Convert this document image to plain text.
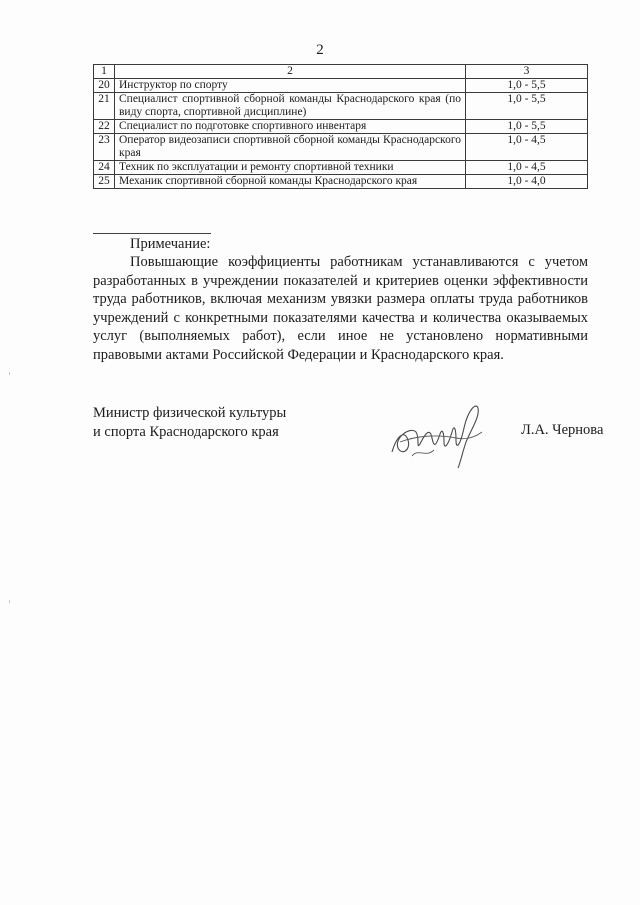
2
1	2	3
20	Инструктор по спорту	1,0 - 5,5
21	Специалист спортивной сборной команды Краснодарского края (по виду спорта, спортивной дисциплине)	1,0 - 5,5
22	Специалист по подготовке спортивного инвентаря	1,0 - 5,5
23	Оператор видеозаписи спортивной сборной команды Краснодарского края	1,0 - 4,5
24	Техник по эксплуатации и ремонту спортивной техники	1,0 - 4,5
25	Механик спортивной сборной команды Краснодарского края	1,0 - 4,0
Примечание:
Повышающие коэффициенты работникам устанавливаются с учетом разработанных в учреждении показателей и критериев оценки эффективности труда работников, включая механизм увязки размера оплаты труда работников учреждений с конкретными показателями качества и количества оказываемых услуг (выполняемых работ), если иное не установлено нормативными правовыми актами Российской Федерации и Краснодарского края.
Министр физической культуры
и спорта Краснодарского края	Л.А. Чернова
